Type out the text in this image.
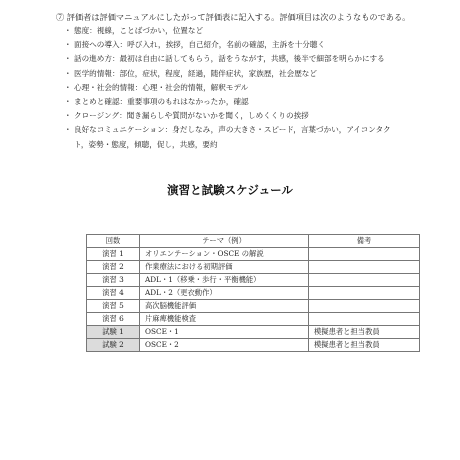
⑦ 評価者は評価マニュアルにしたがって評価表に記入する。評価項目は次のようなものである。
・ 態度：視線，ことばづかい，位置など
・ 面接への導入：呼び入れ，挨拶，自己紹介，名前の確認，主訴を十分聴く
・ 話の進め方：最初は自由に話してもらう，話をうながす，共感，後半で細部を明らかにする
・ 医学的情報：部位，症状，程度，経過，随伴症状，家族歴，社会歴など
・ 心理・社会的情報：心理・社会的情報，解釈モデル
・ まとめと確認：重要事項のもれはなかったか，確認
・ クロージング：聞き漏らしや質問がないかを聞く，しめくくりの挨拶
・ 良好なコミュニケーション：身だしなみ，声の大きさ・スピード，言葉づかい，アイコンタク
ト，姿勢・態度，傾聴，促し，共感，要約
演習と試験スケジュール
回数	テーマ（例）	備考
演習 1	オリエンテーション・OSCE の解説	
演習 2	作業療法における初期評価	
演習 3	ADL・1（移乗・歩行・平衡機能）	
演習 4	ADL・2（更衣動作）	
演習 5	高次脳機能評価	
演習 6	片麻痺機能検査	
試験 1	OSCE・1	模擬患者と担当教員
試験 2	OSCE・2	模擬患者と担当教員
